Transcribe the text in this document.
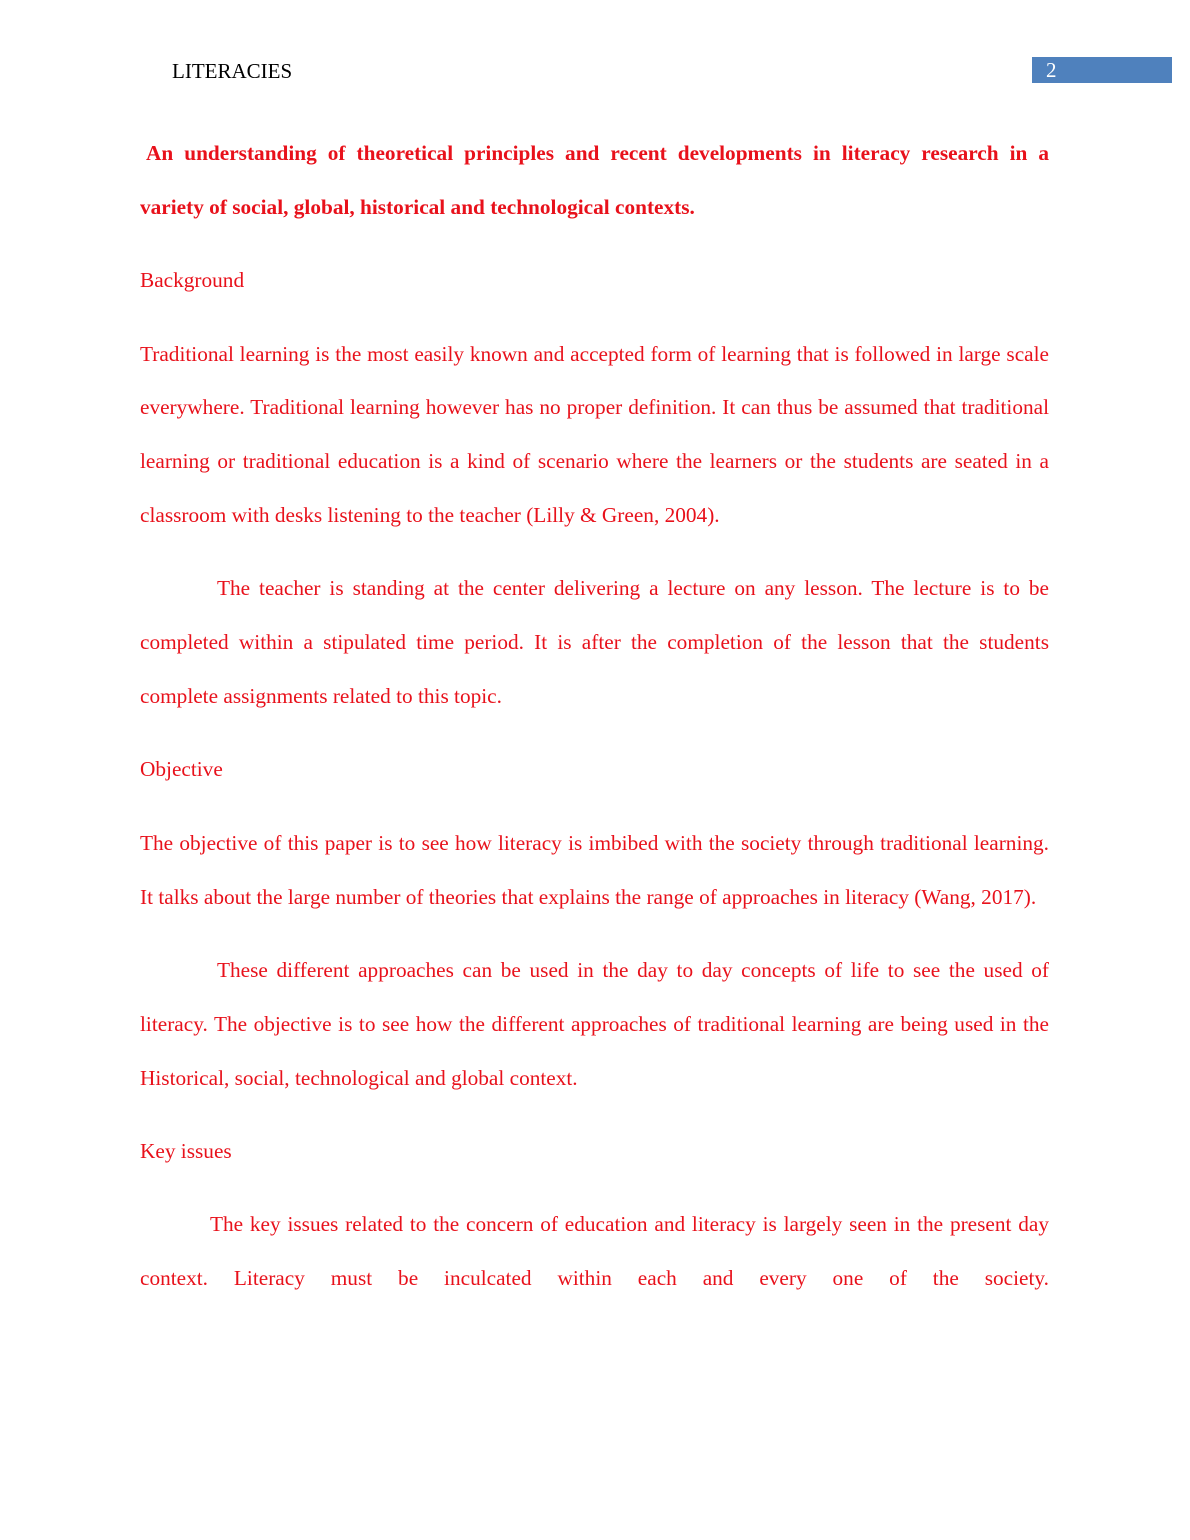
LITERACIES	2

An understanding of theoretical principles and recent developments in literacy research in a variety of social, global, historical and technological contexts.

Background

Traditional learning is the most easily known and accepted form of learning that is followed in large scale everywhere. Traditional learning however has no proper definition. It can thus be assumed that traditional learning or traditional education is a kind of scenario where the learners or the students are seated in a classroom with desks listening to the teacher (Lilly & Green, 2004).

The teacher is standing at the center delivering a lecture on any lesson. The lecture is to be completed within a stipulated time period. It is after the completion of the lesson that the students complete assignments related to this topic.

Objective

The objective of this paper is to see how literacy is imbibed with the society through traditional learning. It talks about the large number of theories that explains the range of approaches in literacy (Wang, 2017).

These different approaches can be used in the day to day concepts of life to see the used of literacy. The objective is to see how the different approaches of traditional learning are being used in the Historical, social, technological and global context.

Key issues

The key issues related to the concern of education and literacy is largely seen in the present day context. Literacy must be inculcated within each and every one of the society.
